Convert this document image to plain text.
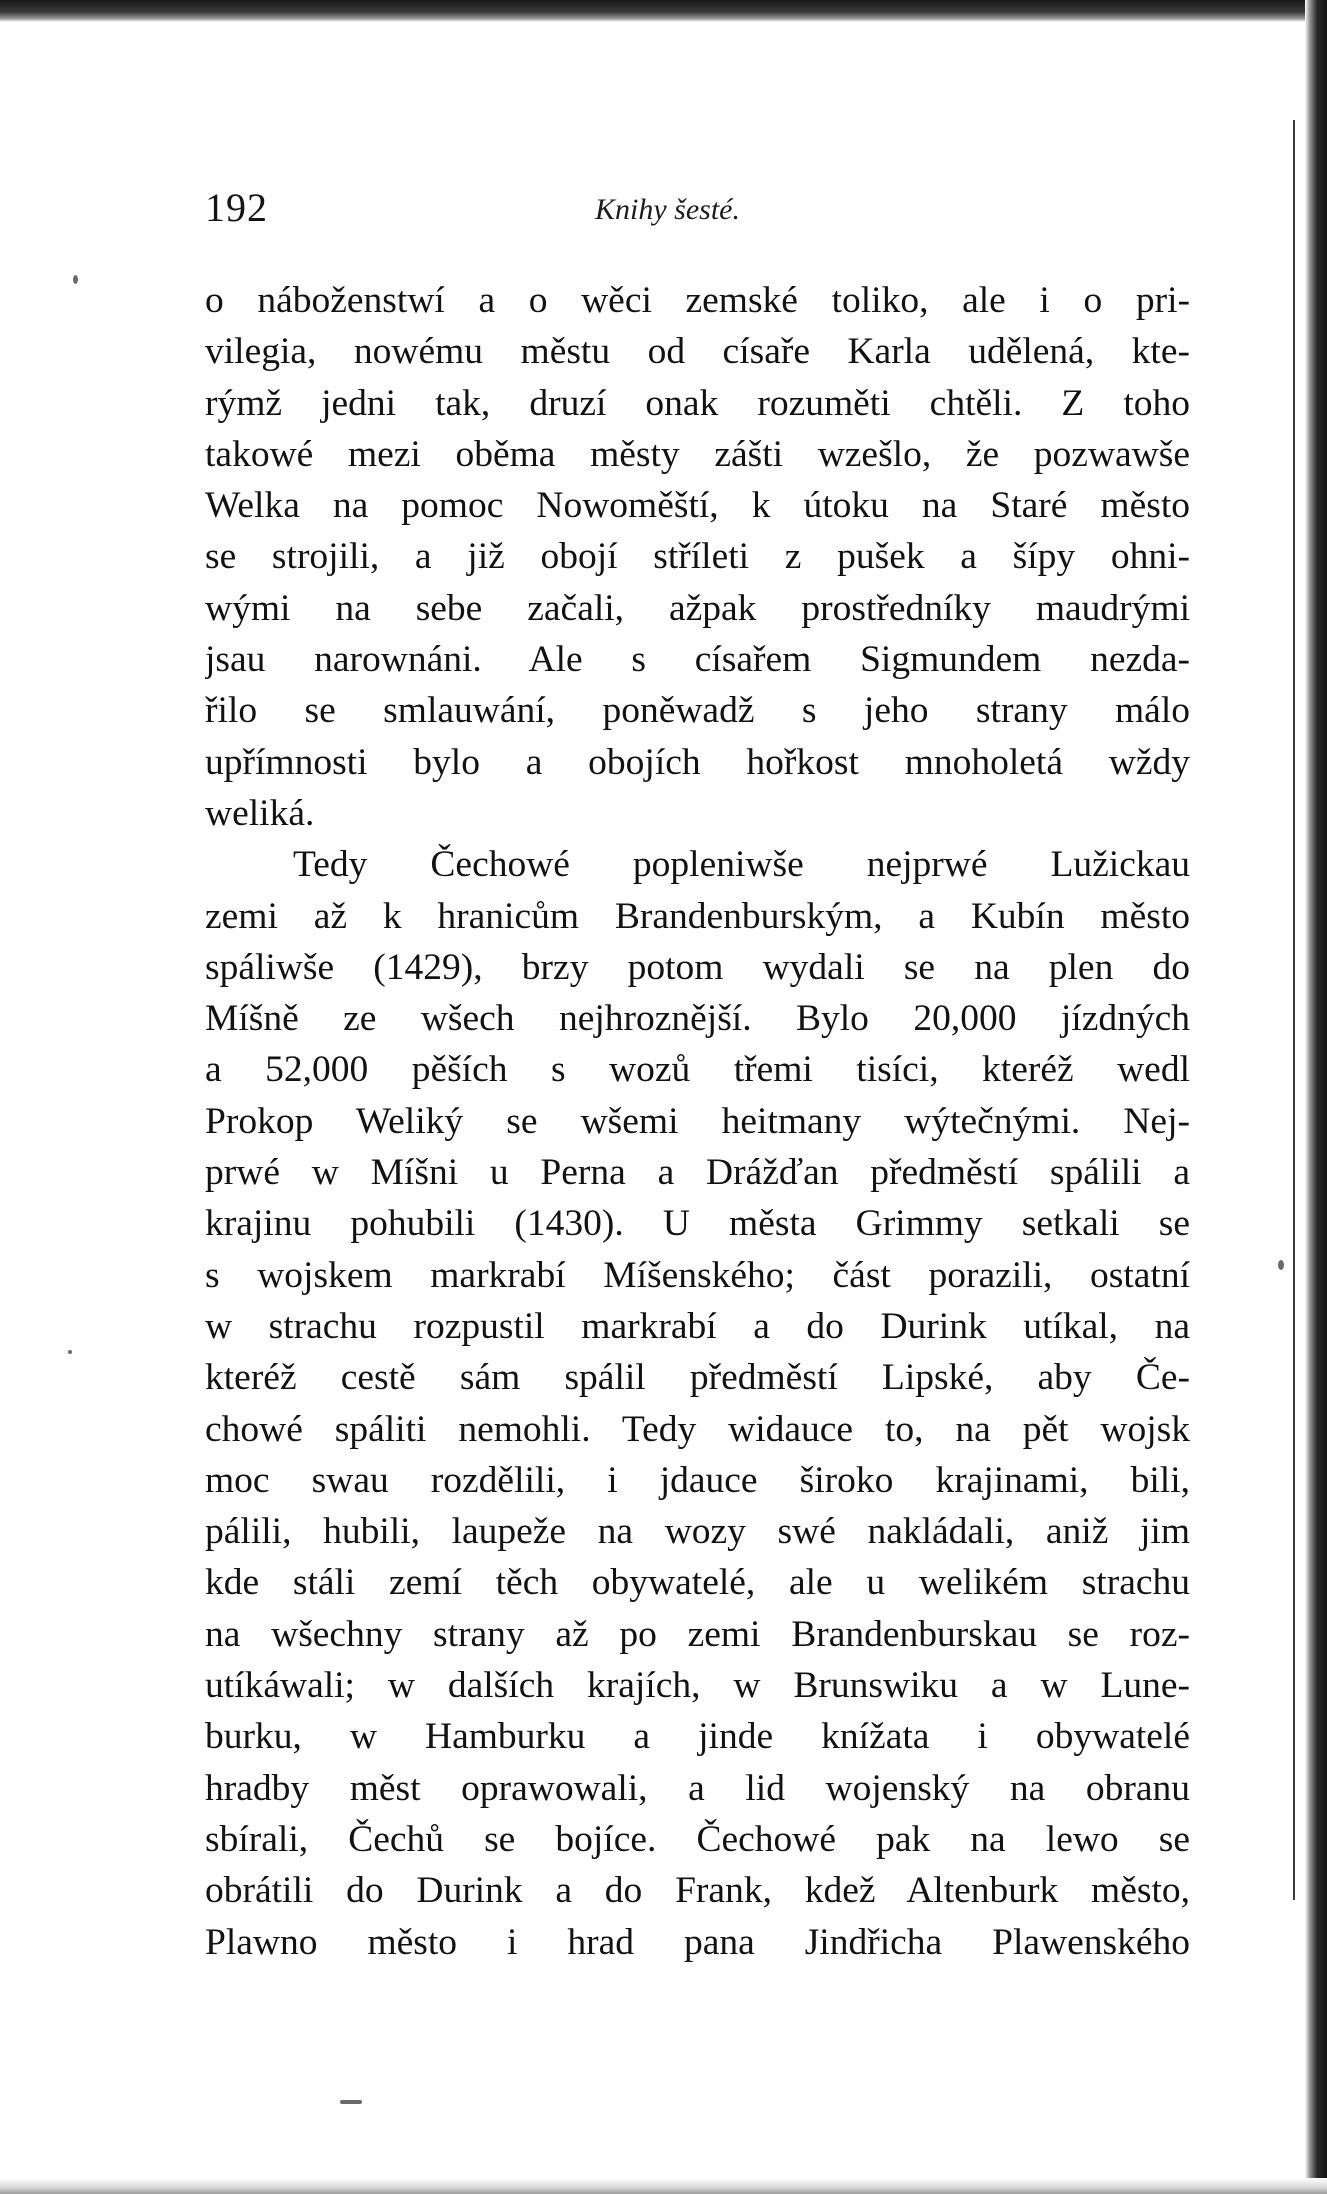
192	Knihy šesté.
o náboženstwí a o wěci zemské toliko, ale i o pri-
vilegia, nowému městu od císaře Karla udělená, kte-
rýmž jedni tak, druzí onak rozuměti chtěli. Z toho
takowé mezi oběma městy zášti wzešlo, že pozwawše
Welka na pomoc Nowoměští, k útoku na Staré město
se strojili, a již obojí stříleti z pušek a šípy ohni-
wými na sebe začali, ažpak prostředníky maudrými
jsau narownáni. Ale s císařem Sigmundem nezda-
řilo se smlauwání, poněwadž s jeho strany málo
upřímnosti bylo a obojích hořkost mnoholetá wždy
weliká.
Tedy Čechowé popleniwše nejprwé Lužickau
zemi až k hranicům Brandenburským, a Kubín město
spáliwše (1429), brzy potom wydali se na plen do
Míšně ze wšech nejhroznější. Bylo 20,000 jízdných
a 52,000 pěších s wozů třemi tisíci, kteréž wedl
Prokop Weliký se wšemi heitmany wýtečnými. Nej-
prwé w Míšni u Perna a Drážďan předměstí spálili a
krajinu pohubili (1430). U města Grimmy setkali se
s wojskem markrabí Míšenského; část porazili, ostatní
w strachu rozpustil markrabí a do Durink utíkal, na
kteréž cestě sám spálil předměstí Lipské, aby Če-
chowé spáliti nemohli. Tedy widauce to, na pět wojsk
moc swau rozdělili, i jdauce široko krajinami, bili,
pálili, hubili, laupeže na wozy swé nakládali, aniž jim
kde stáli zemí těch obywatelé, ale u welikém strachu
na wšechny strany až po zemi Brandenburskau se roz-
utíkáwali; w dalších krajích, w Brunswiku a w Lune-
burku, w Hamburku a jinde knížata i obywatelé
hradby měst oprawowali, a lid wojenský na obranu
sbírali, Čechů se bojíce. Čechowé pak na lewo se
obrátili do Durink a do Frank, kdež Altenburk město,
Plawno město i hrad pana Jindřicha Plawenského
